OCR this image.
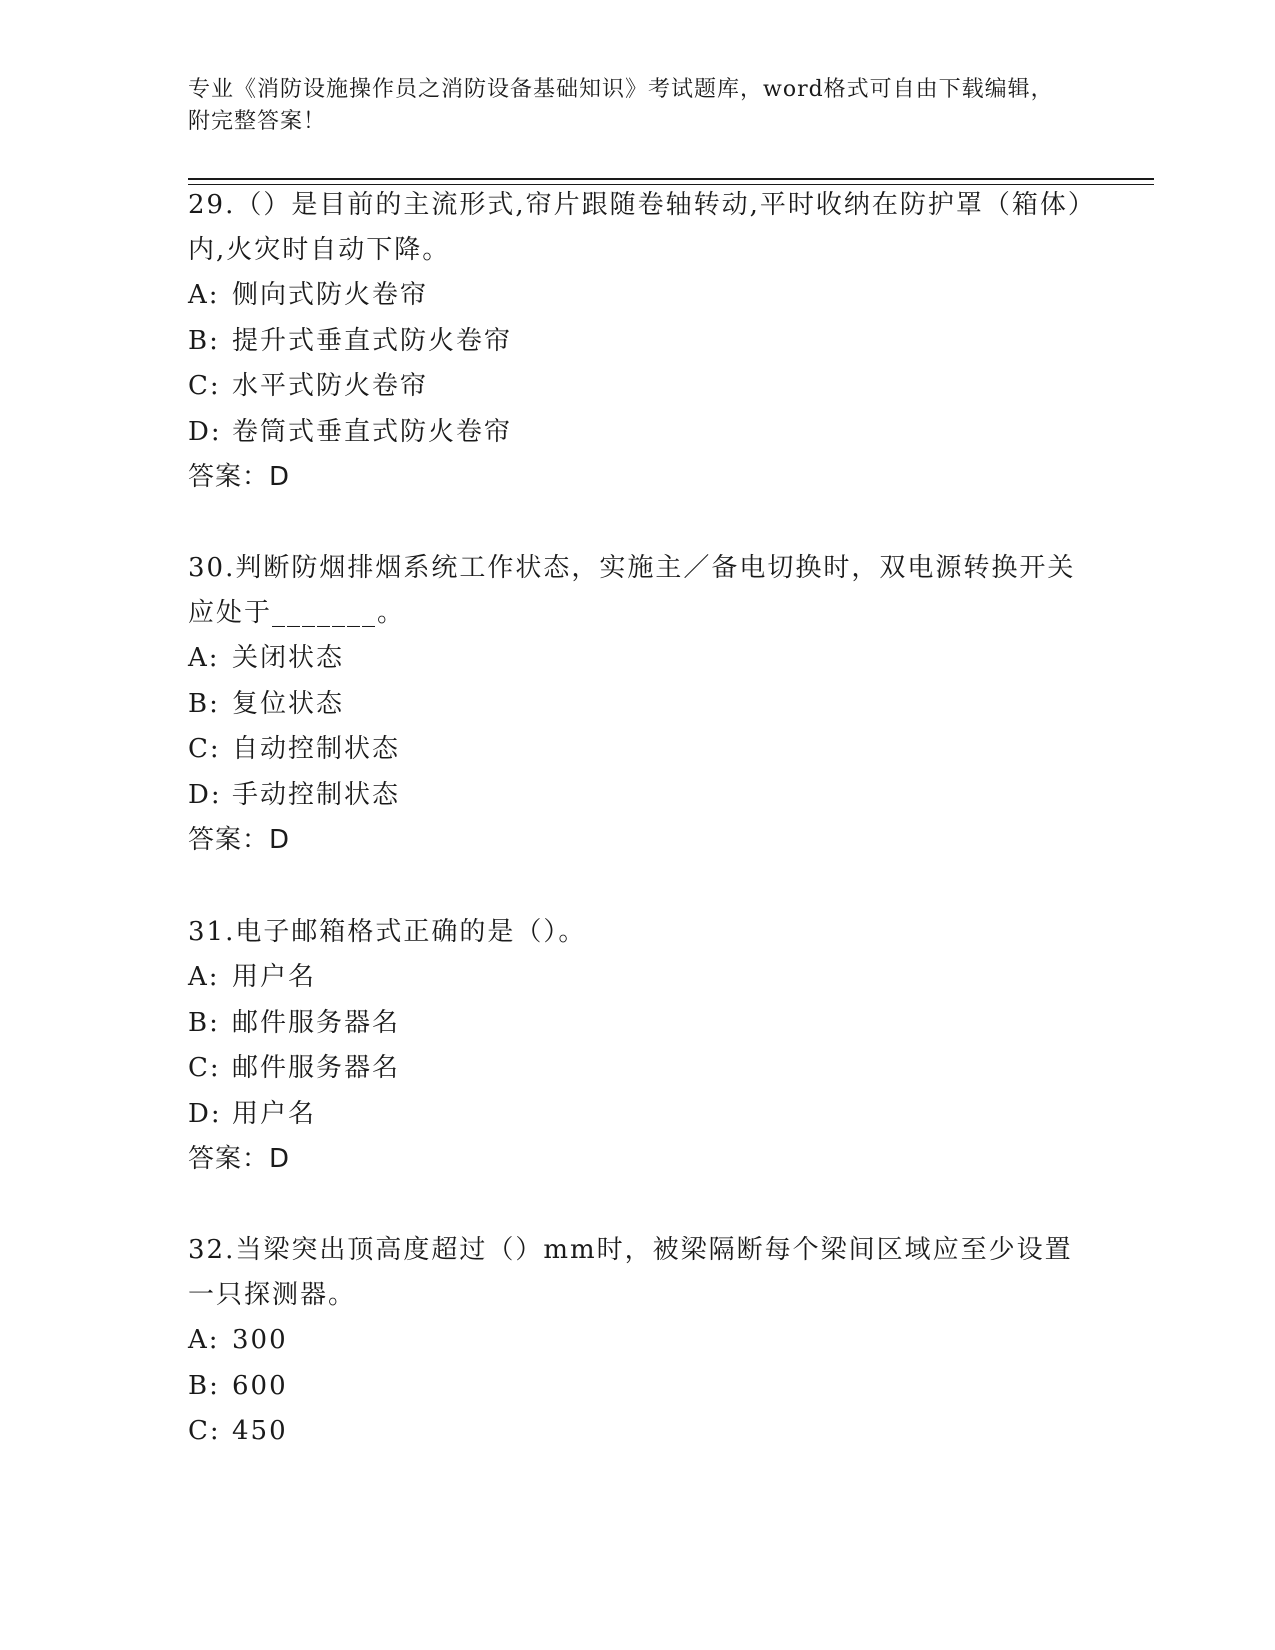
专业《消防设施操作员之消防设备基础知识》考试题库，word格式可自由下载编辑，附完整答案！

29.（）是目前的主流形式,帘片跟随卷轴转动,平时收纳在防护罩（箱体）内,火灾时自动下降。

A: 侧向式防火卷帘

B: 提升式垂直式防火卷帘

C: 水平式防火卷帘

D: 卷筒式垂直式防火卷帘

答案：D

30.判断防烟排烟系统工作状态，实施主／备电切换时，双电源转换开关应处于_______。

A: 关闭状态

B: 复位状态

C: 自动控制状态

D: 手动控制状态

答案：D

31.电子邮箱格式正确的是（）。

A: 用户名

B: 邮件服务器名

C: 邮件服务器名

D: 用户名

答案：D

32.当梁突出顶高度超过（）mm时，被梁隔断每个梁间区域应至少设置一只探测器。

A: 300

B: 600

C: 450
